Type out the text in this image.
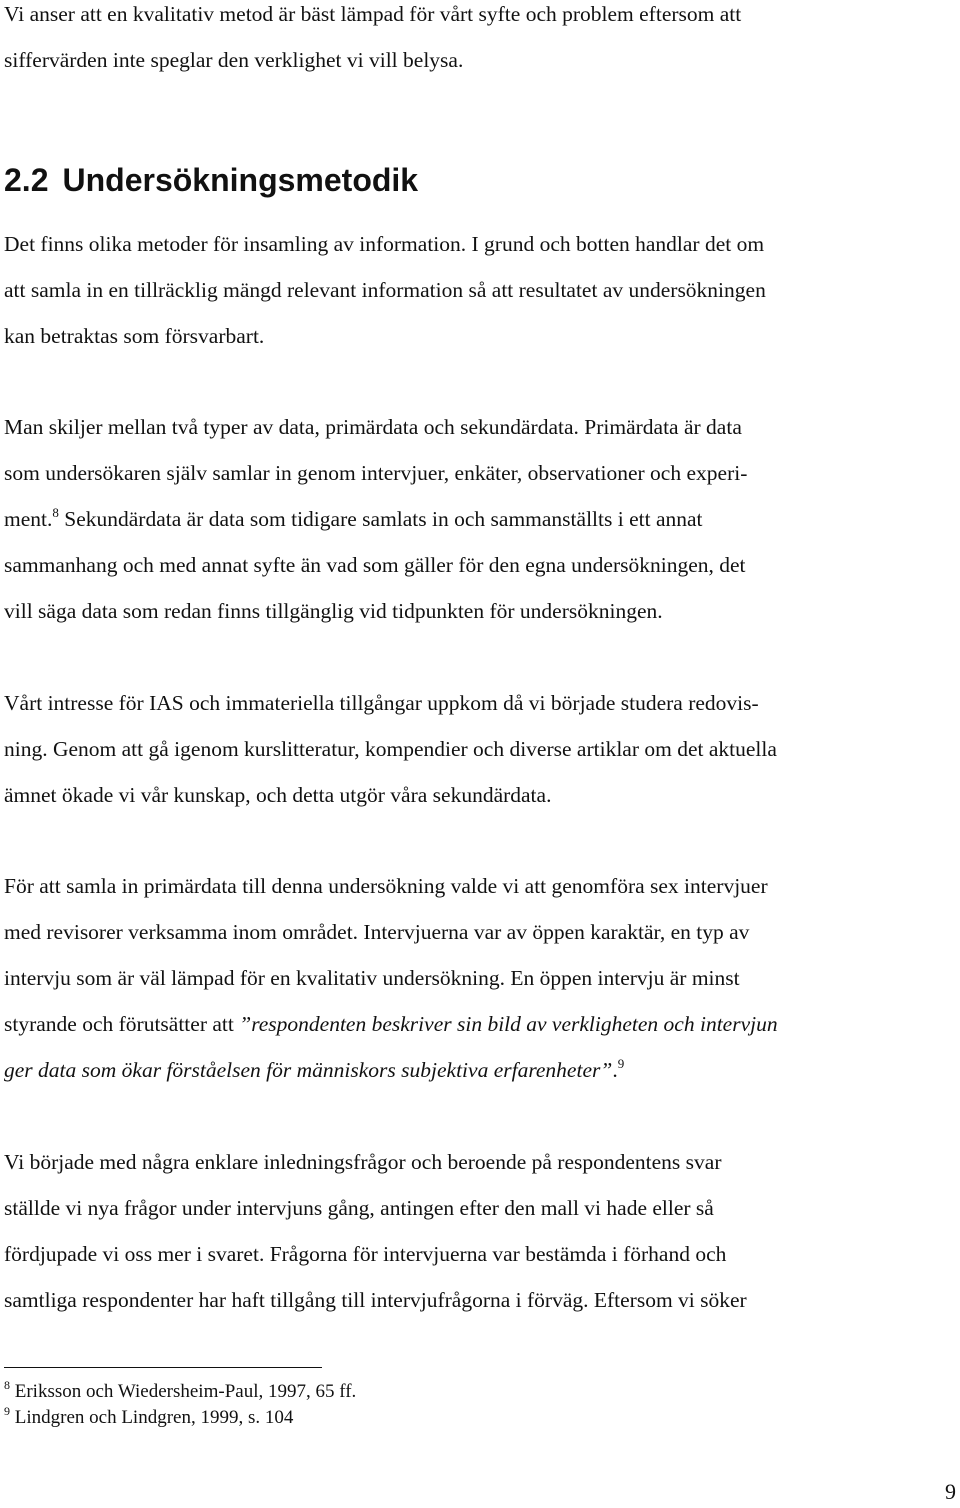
Vi anser att en kvalitativ metod är bäst lämpad för vårt syfte och problem eftersom att
siffervärden inte speglar den verklighet vi vill belysa.
2.2 Undersökningsmetodik
Det finns olika metoder för insamling av information. I grund och botten handlar det om
att samla in en tillräcklig mängd relevant information så att resultatet av undersökningen
kan betraktas som försvarbart.
Man skiljer mellan två typer av data, primärdata och sekundärdata. Primärdata är data
som undersökaren själv samlar in genom intervjuer, enkäter, observationer och experi-
ment.$^8$ Sekundärdata är data som tidigare samlats in och sammanställts i ett annat
sammanhang och med annat syfte än vad som gäller för den egna undersökningen, det
vill säga data som redan finns tillgänglig vid tidpunkten för undersökningen.
Vårt intresse för IAS och immateriella tillgångar uppkom då vi började studera redovis-
ning. Genom att gå igenom kurslitteratur, kompendier och diverse artiklar om det aktuella
ämnet ökade vi vår kunskap, och detta utgör våra sekundärdata.
För att samla in primärdata till denna undersökning valde vi att genomföra sex intervjuer
med revisorer verksamma inom området. Intervjuerna var av öppen karaktär, en typ av
intervju som är väl lämpad för en kvalitativ undersökning. En öppen intervju är minst
styrande och förutsätter att ”respondenten beskriver sin bild av verkligheten och intervjun
ger data som ökar förståelsen för människors subjektiva erfarenheter”.$^9$
Vi började med några enklare inledningsfrågor och beroende på respondentens svar
ställde vi nya frågor under intervjuns gång, antingen efter den mall vi hade eller så
fördjupade vi oss mer i svaret. Frågorna för intervjuerna var bestämda i förhand och
samtliga respondenter har haft tillgång till intervjufrågorna i förväg. Eftersom vi söker
$^8$ Eriksson och Wiedersheim-Paul, 1997, 65 ff.
$^9$ Lindgren och Lindgren, 1999, s. 104
9
